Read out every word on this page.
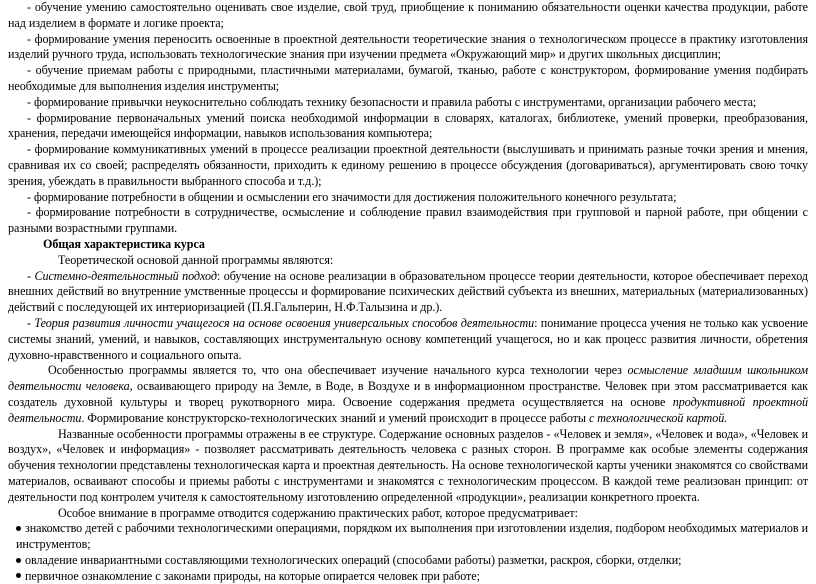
- обучение умению самостоятельно оценивать свое изделие, свой труд, приобщение к пониманию обязательности оценки качества продукции, работе над изделием в формате и логике проекта;

- формирование умения переносить освоенные в проектной деятельности теоретические знания о технологическом процессе в практику изготовления изделий ручного труда, использовать технологические знания при изучении предмета «Окружающий мир» и других школьных дисциплин;

- обучение приемам работы с природными, пластичными материалами, бумагой, тканью, работе с конструктором, формирование умения подбирать необходимые для выполнения изделия инструменты;

- формирование привычки неукоснительно соблюдать технику безопасности и правила работы с инструментами, организации рабочего места;

- формирование первоначальных умений поиска необходимой информации в словарях, каталогах, библиотеке, умений проверки, преобразования, хранения, передачи имеющейся информации, навыков использования компьютера;

- формирование коммуникативных умений в процессе реализации проектной деятельности (выслушивать и принимать разные точки зрения и мнения, сравнивая их со своей; распределять обязанности, приходить к единому решению в процессе обсуждения (договариваться), аргументировать свою точку зрения, убеждать в правильности выбранного способа и т.д.);

- формирование потребности в общении и осмыслении его значимости для достижения положительного конечного результата;

- формирование потребности в сотрудничестве, осмысление и соблюдение правил взаимодействия при групповой и парной работе, при общении с разными возрастными группами.

Общая характеристика курса

Теоретической основой данной программы являются:

- Системно-деятельностный подход: обучение на основе реализации в образовательном процессе теории деятельности, которое обеспечивает переход внешних действий во внутренние умственные процессы и формирование психических действий субъекта из внешних, материальных (материализованных) действий с последующей их интериоризацией (П.Я.Гальперин, Н.Ф.Талызина и др.).

- Теория развития личности учащегося на основе освоения универсальных способов деятельности: понимание процесса учения не только как усвоение системы знаний, умений, и навыков, составляющих инструментальную основу компетенций учащегося, но и как процесс развития личности, обретения духовно-нравственного и социального опыта.

Особенностью программы является то, что она обеспечивает изучение начального курса технологии через осмысление младшим школьником деятельности человека, осваивающего природу на Земле, в Воде, в Воздухе и в информационном пространстве. Человек при этом рассматривается как создатель духовной культуры и творец рукотворного мира. Освоение содержания предмета осуществляется на основе продуктивной проектной деятельности. Формирование конструкторско-технологических знаний и умений происходит в процессе работы с технологической картой.

Названные особенности программы отражены в ее структуре. Содержание основных разделов - «Человек и земля», «Человек и вода», «Человек и воздух», «Человек и информация» - позволяет рассматривать деятельность человека с разных сторон. В программе как особые элементы содержания обучения технологии представлены технологическая карта и проектная деятельность. На основе технологической карты ученики знакомятся со свойствами материалов, осваивают способы и приемы работы с инструментами и знакомятся с технологическим процессом. В каждой теме реализован принцип: от деятельности под контролем учителя к самостоятельному изготовлению определенной «продукции», реализации конкретного проекта.

Особое внимание в программе отводится содержанию практических работ, которое предусматривает:

знакомство детей с рабочими технологическими операциями, порядком их выполнения при изготовлении изделия, подбором необходимых материалов и инструментов;

овладение инвариантными составляющими технологических операций (способами работы) разметки, раскроя, сборки, отделки;

первичное ознакомление с законами природы, на которые опирается человек при работе;
